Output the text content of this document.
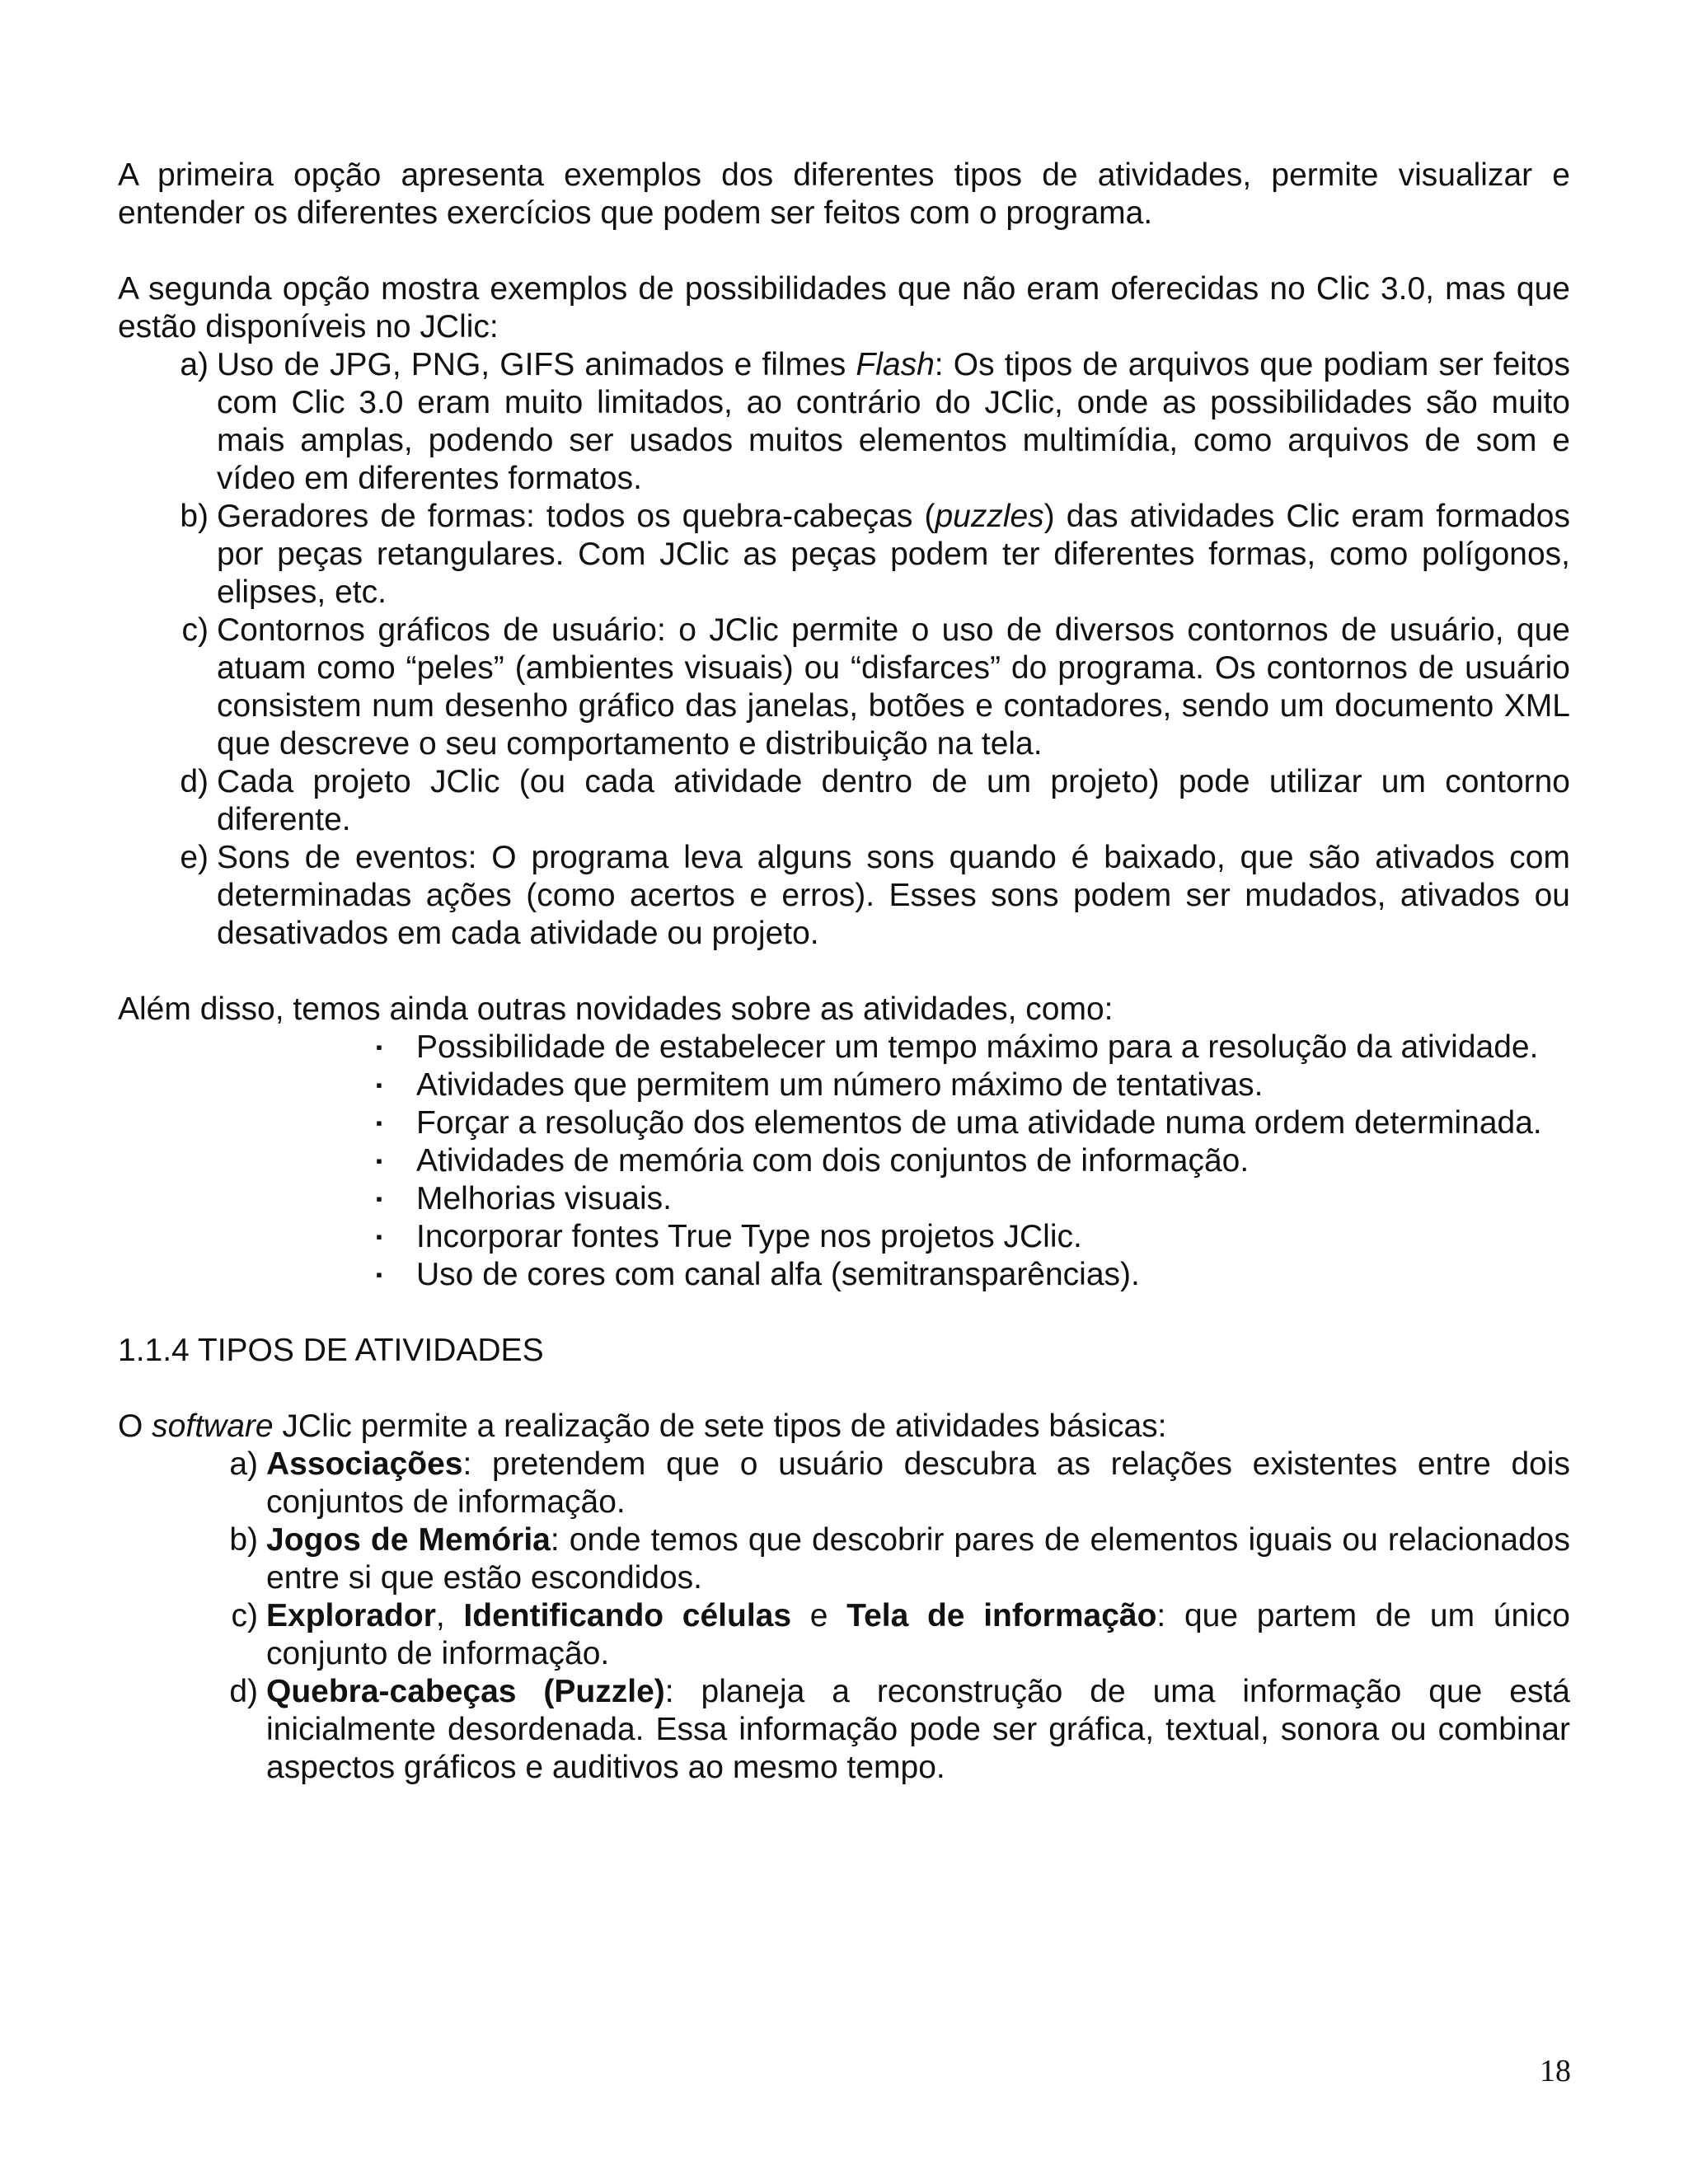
A primeira opção apresenta exemplos dos diferentes tipos de atividades, permite visualizar e entender os diferentes exercícios que podem ser feitos com o programa.

A segunda opção mostra exemplos de possibilidades que não eram oferecidas no Clic 3.0, mas que estão disponíveis no JClic:

a) Uso de JPG, PNG, GIFS animados e filmes Flash: Os tipos de arquivos que podiam ser feitos com Clic 3.0 eram muito limitados, ao contrário do JClic, onde as possibilidades são muito mais amplas, podendo ser usados muitos elementos multimídia, como arquivos de som e vídeo em diferentes formatos.
b) Geradores de formas: todos os quebra-cabeças (puzzles) das atividades Clic eram formados por peças retangulares. Com JClic as peças podem ter diferentes formas, como polígonos, elipses, etc.
c) Contornos gráficos de usuário: o JClic permite o uso de diversos contornos de usuário, que atuam como “peles” (ambientes visuais) ou “disfarces” do programa. Os contornos de usuário consistem num desenho gráfico das janelas, botões e contadores, sendo um documento XML que descreve o seu comportamento e distribuição na tela.
d) Cada projeto JClic (ou cada atividade dentro de um projeto) pode utilizar um contorno diferente.
e) Sons de eventos: O programa leva alguns sons quando é baixado, que são ativados com determinadas ações (como acertos e erros). Esses sons podem ser mudados, ativados ou desativados em cada atividade ou projeto.

Além disso, temos ainda outras novidades sobre as atividades, como:

▪ Possibilidade de estabelecer um tempo máximo para a resolução da atividade.
▪ Atividades que permitem um número máximo de tentativas.
▪ Forçar a resolução dos elementos de uma atividade numa ordem determinada.
▪ Atividades de memória com dois conjuntos de informação.
▪ Melhorias visuais.
▪ Incorporar fontes True Type nos projetos JClic.
▪ Uso de cores com canal alfa (semitransparências).

1.1.4 TIPOS DE ATIVIDADES

O software JClic permite a realização de sete tipos de atividades básicas:

a) Associações: pretendem que o usuário descubra as relações existentes entre dois conjuntos de informação.
b) Jogos de Memória: onde temos que descobrir pares de elementos iguais ou relacionados entre si que estão escondidos.
c) Explorador, Identificando células e Tela de informação: que partem de um único conjunto de informação.
d) Quebra-cabeças (Puzzle): planeja a reconstrução de uma informação que está inicialmente desordenada. Essa informação pode ser gráfica, textual, sonora ou combinar aspectos gráficos e auditivos ao mesmo tempo.
18
